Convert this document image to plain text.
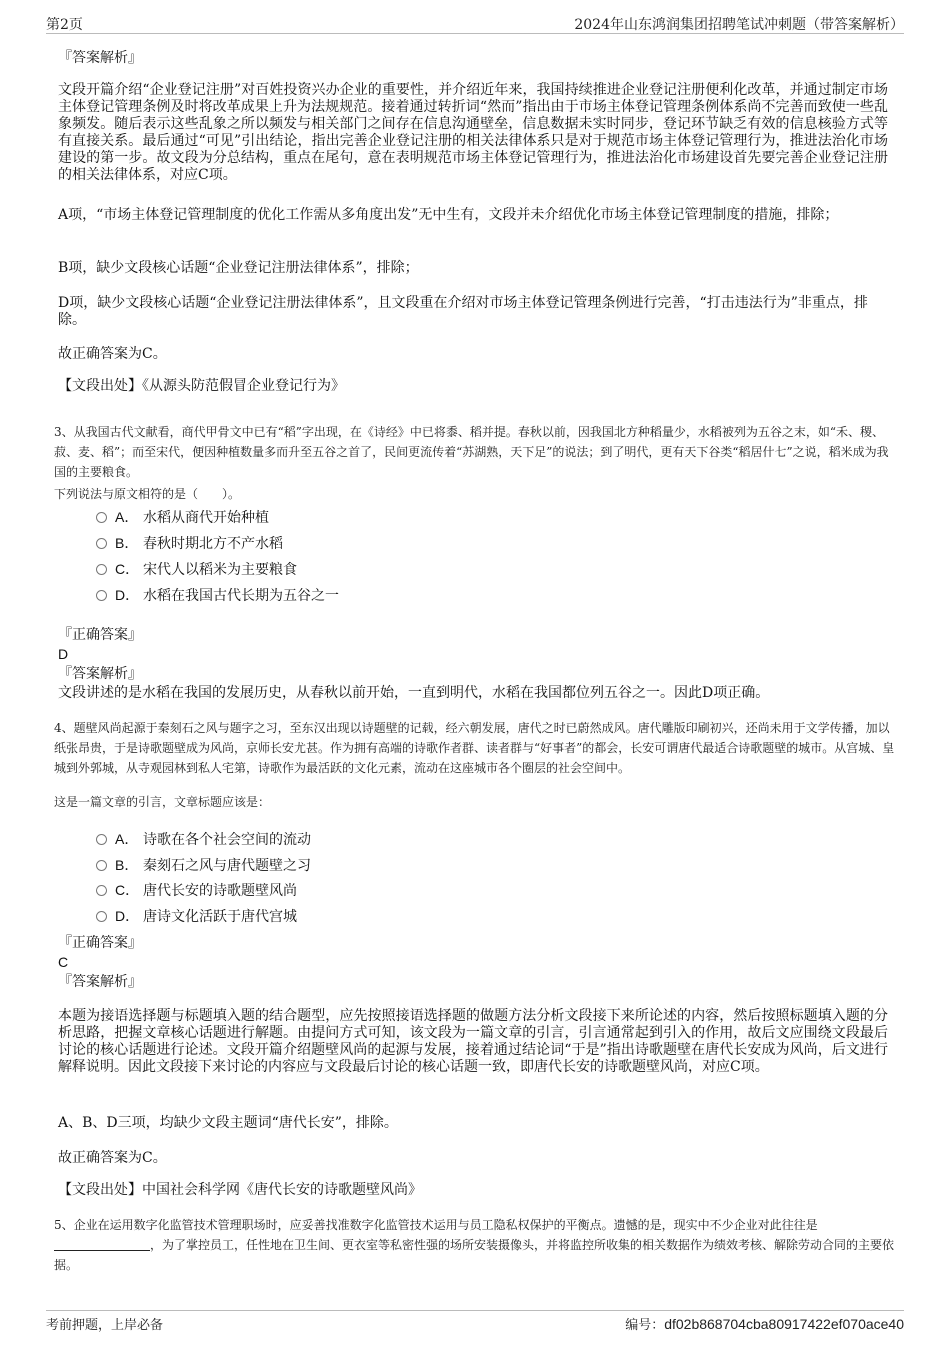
第2页	2024年山东鸿润集团招聘笔试冲刺题（带答案解析）
『答案解析』
文段开篇介绍“企业登记注册”对百姓投资兴办企业的重要性，并介绍近年来，我国持续推进企业登记注册便利化改革，并通过制定市场主体登记管理条例及时将改革成果上升为法规规范。接着通过转折词“然而”指出由于市场主体登记管理条例体系尚不完善而致使一些乱象频发。随后表示这些乱象之所以频发与相关部门之间存在信息沟通壁垒，信息数据未实时同步，登记环节缺乏有效的信息核验方式等有直接关系。最后通过“可见”引出结论，指出完善企业登记注册的相关法律体系只是对于规范市场主体登记管理行为，推进法治化市场建设的第一步。故文段为分总结构，重点在尾句，意在表明规范市场主体登记管理行为，推进法治化市场建设首先要完善企业登记注册的相关法律体系，对应C项。
A项，“市场主体登记管理制度的优化工作需从多角度出发”无中生有，文段并未介绍优化市场主体登记管理制度的措施，排除；
B项，缺少文段核心话题“企业登记注册法律体系”，排除；
D项，缺少文段核心话题“企业登记注册法律体系”，且文段重在介绍对市场主体登记管理条例进行完善，“打击违法行为”非重点，排除。
故正确答案为C。
【文段出处】《从源头防范假冒企业登记行为》
3、从我国古代文献看，商代甲骨文中已有“稻”字出现，在《诗经》中已将黍、稻并提。春秋以前，因我国北方种稻量少，水稻被列为五谷之末，如“禾、稷、菽、麦、稻”；而至宋代，便因种植数量多而升至五谷之首了，民间更流传着“苏湖熟，天下足”的说法；到了明代，更有天下谷类“稻居什七”之说，稻米成为我国的主要粮食。
下列说法与原文相符的是（　　）。
A． 水稻从商代开始种植
B． 春秋时期北方不产水稻
C． 宋代人以稻米为主要粮食
D． 水稻在我国古代长期为五谷之一
『正确答案』
D
『答案解析』
文段讲述的是水稻在我国的发展历史，从春秋以前开始，一直到明代，水稻在我国都位列五谷之一。因此D项正确。
4、题壁风尚起源于秦刻石之风与题字之习，至东汉出现以诗题壁的记载，经六朝发展，唐代之时已蔚然成风。唐代雕版印刷初兴，还尚未用于文学传播，加以纸张昂贵，于是诗歌题壁成为风尚，京师长安尤甚。作为拥有高端的诗歌作者群、读者群与“好事者”的都会，长安可谓唐代最适合诗歌题壁的城市。从宫城、皇城到外郭城，从寺观园林到私人宅第，诗歌作为最活跃的文化元素，流动在这座城市各个圈层的社会空间中。
这是一篇文章的引言，文章标题应该是：
A． 诗歌在各个社会空间的流动
B． 秦刻石之风与唐代题壁之习
C． 唐代长安的诗歌题壁风尚
D． 唐诗文化活跃于唐代宫城
『正确答案』
C
『答案解析』
本题为接语选择题与标题填入题的结合题型，应先按照接语选择题的做题方法分析文段接下来所论述的内容，然后按照标题填入题的分析思路，把握文章核心话题进行解题。由提问方式可知，该文段为一篇文章的引言，引言通常起到引入的作用，故后文应围绕文段最后讨论的核心话题进行论述。文段开篇介绍题壁风尚的起源与发展，接着通过结论词“于是”指出诗歌题壁在唐代长安成为风尚，后文进行解释说明。因此文段接下来讨论的内容应与文段最后讨论的核心话题一致，即唐代长安的诗歌题壁风尚，对应C项。
A、B、D三项，均缺少文段主题词“唐代长安”，排除。
故正确答案为C。
【文段出处】中国社会科学网《唐代长安的诗歌题壁风尚》
5、企业在运用数字化监管技术管理职场时，应妥善找准数字化监管技术运用与员工隐私权保护的平衡点。遗憾的是，现实中不少企业对此往往是 ，为了掌控员工，任性地在卫生间、更衣室等私密性强的场所安装摄像头，并将监控所收集的相关数据作为绩效考核、解除劳动合同的主要依据。
考前押题，上岸必备	编号：df02b868704cba80917422ef070ace40
